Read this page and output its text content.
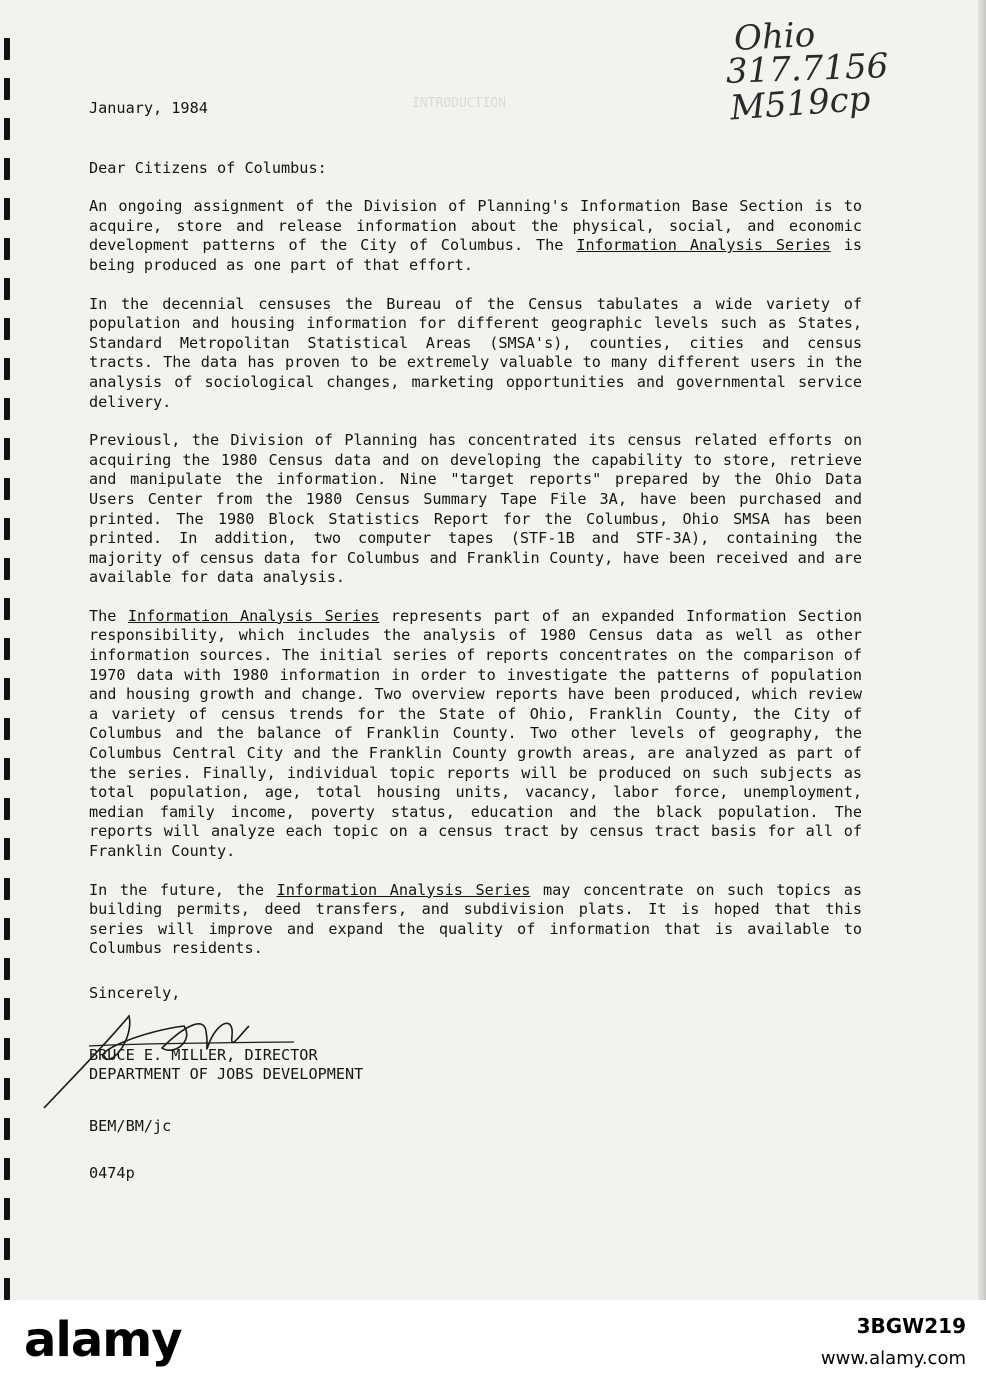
INTRODUCTION
Ohio
317.7156
M519cp
January, 1984
Dear Citizens of Columbus:

An ongoing assignment of the Division of Planning's Information Base Section is to acquire, store and release information about the physical, social, and economic development patterns of the City of Columbus. The Information Analysis Series is being produced as one part of that effort.

In the decennial censuses the Bureau of the Census tabulates a wide variety of population and housing information for different geographic levels such as States, Standard Metropolitan Statistical Areas (SMSA's), counties, cities and census tracts. The data has proven to be extremely valuable to many different users in the analysis of sociological changes, marketing opportunities and governmental service delivery.

Previousl, the Division of Planning has concentrated its census related efforts on acquiring the 1980 Census data and on developing the capability to store, retrieve and manipulate the information. Nine "target reports" prepared by the Ohio Data Users Center from the 1980 Census Summary Tape File 3A, have been purchased and printed. The 1980 Block Statistics Report for the Columbus, Ohio SMSA has been printed. In addition, two computer tapes (STF-1B and STF-3A), containing the majority of census data for Columbus and Franklin County, have been received and are available for data analysis.

The Information Analysis Series represents part of an expanded Information Section responsibility, which includes the analysis of 1980 Census data as well as other information sources. The initial series of reports concentrates on the comparison of 1970 data with 1980 information in order to investigate the patterns of population and housing growth and change. Two overview reports have been produced, which review a variety of census trends for the State of Ohio, Franklin County, the City of Columbus and the balance of Franklin County. Two other levels of geography, the Columbus Central City and the Franklin County growth areas, are analyzed as part of the series. Finally, individual topic reports will be produced on such subjects as total population, age, total housing units, vacancy, labor force, unemployment, median family income, poverty status, education and the black population. The reports will analyze each topic on a census tract by census tract basis for all of Franklin County.

In the future, the Information Analysis Series may concentrate on such topics as building permits, deed transfers, and subdivision plats. It is hoped that this series will improve and expand the quality of information that is available to Columbus residents.

Sincerely,
BRUCE E. MILLER, DIRECTOR
DEPARTMENT OF JOBS DEVELOPMENT
BEM/BM/jc
0474p
alamy	3BGW219
www.alamy.com
